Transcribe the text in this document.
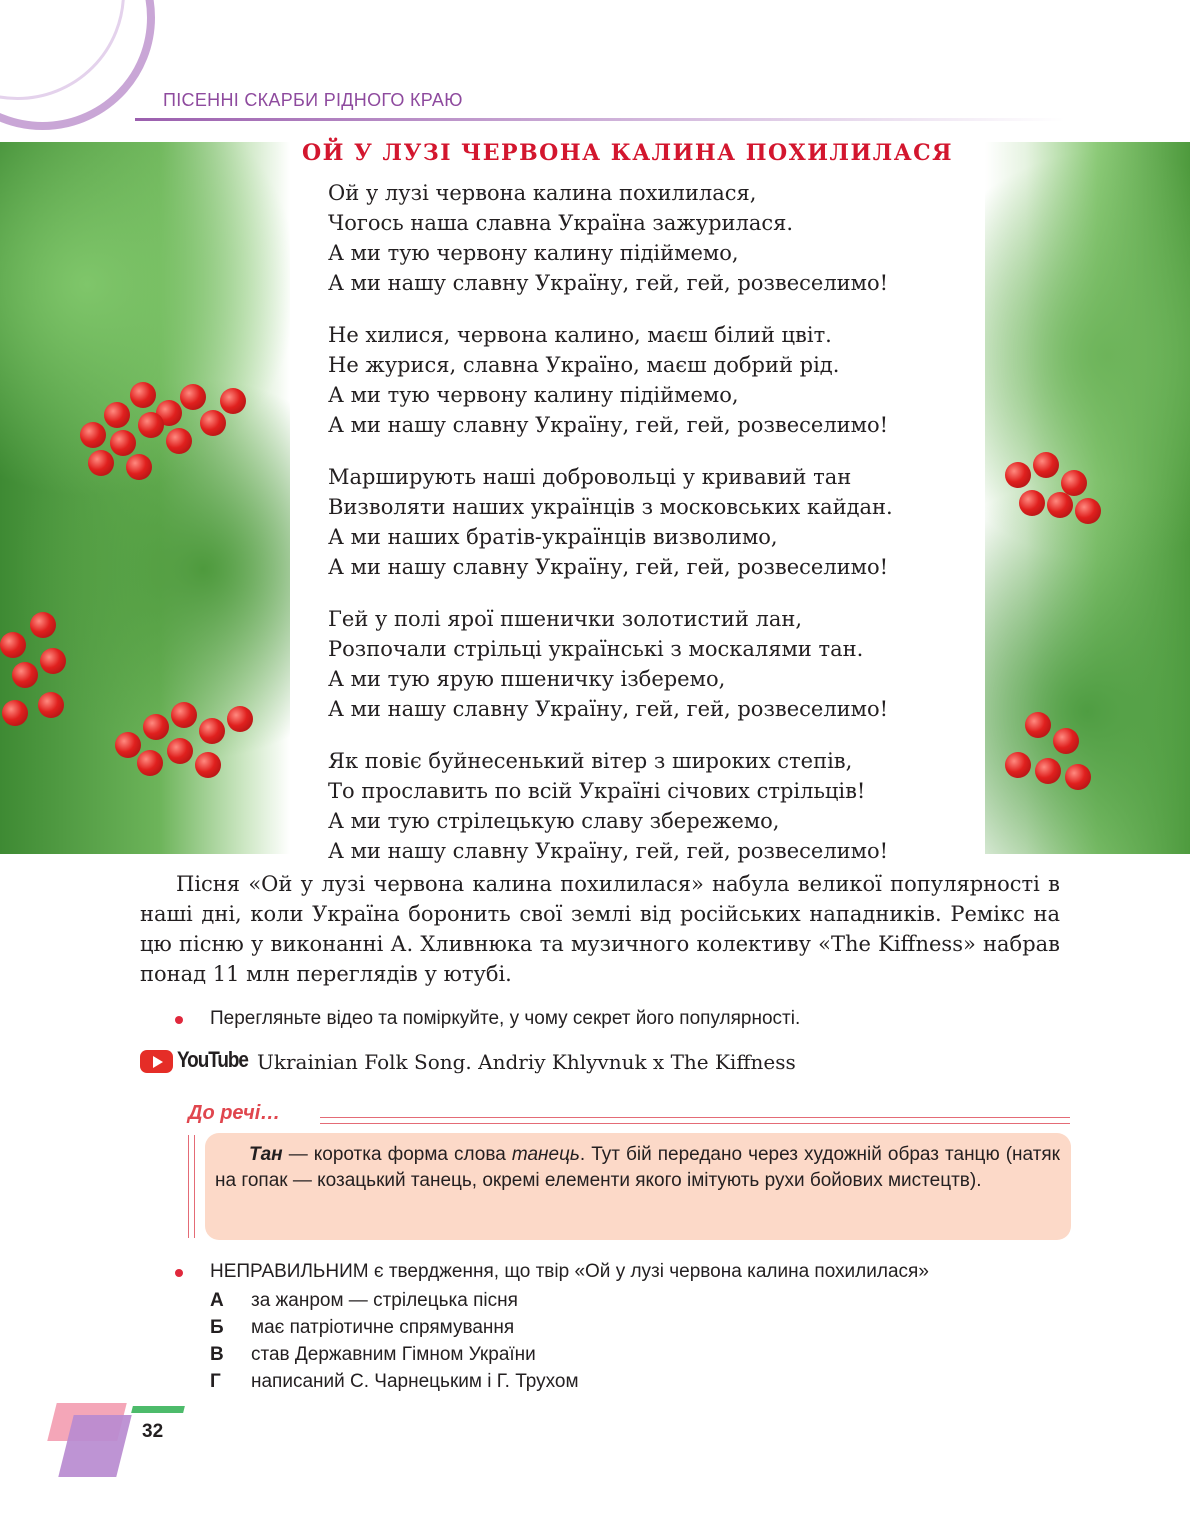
ПІСЕННІ СКАРБИ РІДНОГО КРАЮ
ОЙ У ЛУЗІ ЧЕРВОНА КАЛИНА ПОХИЛИЛАСЯ
Ой у лузі червона калина похилилася,
Чогось наша славна Україна зажурилася.
А ми тую червону калину підіймемо,
А ми нашу славну Україну, гей, гей, розвеселимо!
Не хилися, червона калино, маєш білий цвіт.
Не журися, славна Україно, маєш добрий рід.
А ми тую червону калину підіймемо,
А ми нашу славну Україну, гей, гей, розвеселимо!
Марширують наші добровольці у кривавий тан
Визволяти наших українців з московських кайдан.
А ми наших братів-українців визволимо,
А ми нашу славну Україну, гей, гей, розвеселимо!
Гей у полі ярої пшенички золотистий лан,
Розпочали стрільці українські з москалями тан.
А ми тую ярую пшеничку ізберемо,
А ми нашу славну Україну, гей, гей, розвеселимо!
Як повіє буйнесенький вітер з широких степів,
То прославить по всій Україні січових стрільців!
А ми тую стрілецькую славу збережемо,
А ми нашу славну Україну, гей, гей, розвеселимо!
Пісня «Ой у лузі червона калина похилилася» набула великої популярності в наші дні, коли Україна боронить свої землі від російських нападників. Ремікс на цю пісню у виконанні А. Хливнюка та музичного колективу «The Kiffness» набрав понад 11 млн переглядів у ютубі.
Перегляньте відео та поміркуйте, у чому секрет його популярності.
YouTube Ukrainian Folk Song. Andriy Khlyvnuk x The Kiffness
До речі…
Тан — коротка форма слова танець. Тут бій передано через художній образ танцю (натяк на гопак — козацький танець, окремі елементи якого імітують рухи бойових мистецтв).
НЕПРАВИЛЬНИМ є твердження, що твір «Ой у лузі червона калина похилилася»
А за жанром — стрілецька пісня
Б має патріотичне спрямування
В став Державним Гімном України
Г написаний С. Чарнецьким і Г. Трухом
32
